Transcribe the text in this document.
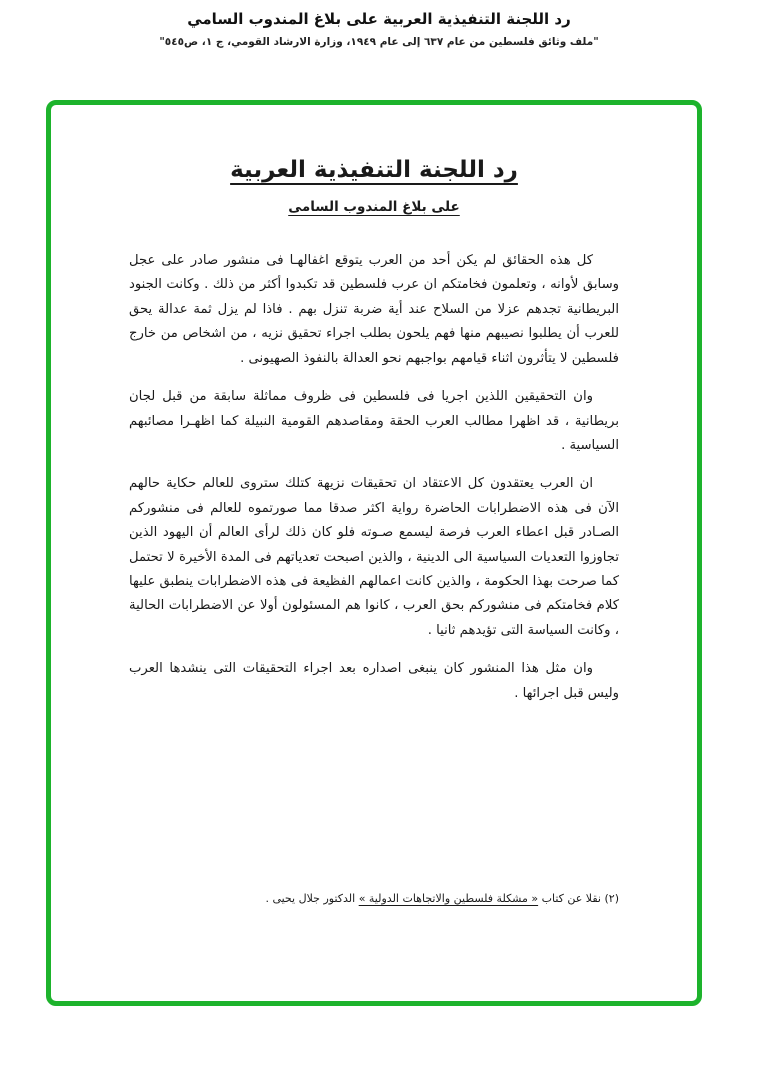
رد اللجنة التنفيذية العربية على بلاغ المندوب السامي
"ملف وثائق فلسطين من عام ٦٣٧ إلى عام ١٩٤٩، وزارة الارشاد القومي، ج ١، ص٥٤٥"
رد اللجنة التنفيذية العربية
على بلاغ المندوب السامى

كل هذه الحقائق لم يكن أحد من العرب يتوقع اغفالهـا فى منشور صادر على عجل وسابق لأوانه ، وتعلمون فخامتكم ان عرب فلسطين قد تكبدوا أكثر من ذلك . وكانت الجنود البريطانية تجدهم عزلا من السلاح عند أية ضربة تنزل بهم . فاذا لم يزل ثمة عدالة يحق للعرب أن يطلبوا نصيبهم منها فهم يلحون بطلب اجراء تحقيق نزيه ، من اشخاص من خارج فلسطين لا يتأثرون اثناء قيامهم بواجبهم نحو العدالة بالنفوذ الصهيونى .

وان التحقيقين اللذين اجريا فى فلسطين فى ظروف مماثلة سابقة من قبل لجان بريطانية ، قد اظهرا مطالب العرب الحقة ومقاصدهم القومية النبيلة كما اظهـرا مصائبهم السياسية .

ان العرب يعتقدون كل الاعتقاد ان تحقيقات نزيهة كتلك ستروى للعالم حكاية حالهم الآن فى هذه الاضطرابات الحاضرة رواية اكثر صدقا مما صورتموه للعالم فى منشوركم الصـادر قبل اعطاء العرب فرصة ليسمع صـوته فلو كان ذلك لرأى العالم أن اليهود الذين تجاوزوا التعديات السياسية الى الدينية ، والذين اصبحت تعدياتهم فى المدة الأخيرة لا تحتمل كما صرحت بهذا الحكومة ، والذين كانت اعمالهم الفظيعة فى هذه الاضطرابات ينطبق عليها كلام فخامتكم فى منشوركم بحق العرب ، كانوا هم المسئولون أولا عن الاضطرابات الحالية ، وكانت السياسة التى تؤيدهم ثانيا .

وان مثل هذا المنشور كان ينبغى اصداره بعد اجراء التحقيقات التى ينشدها العرب وليس قبل اجرائها .

(٢) نقلا عن كتاب « مشكلة فلسطين والاتجاهات الدولية » الدكتور جلال يحيى .
